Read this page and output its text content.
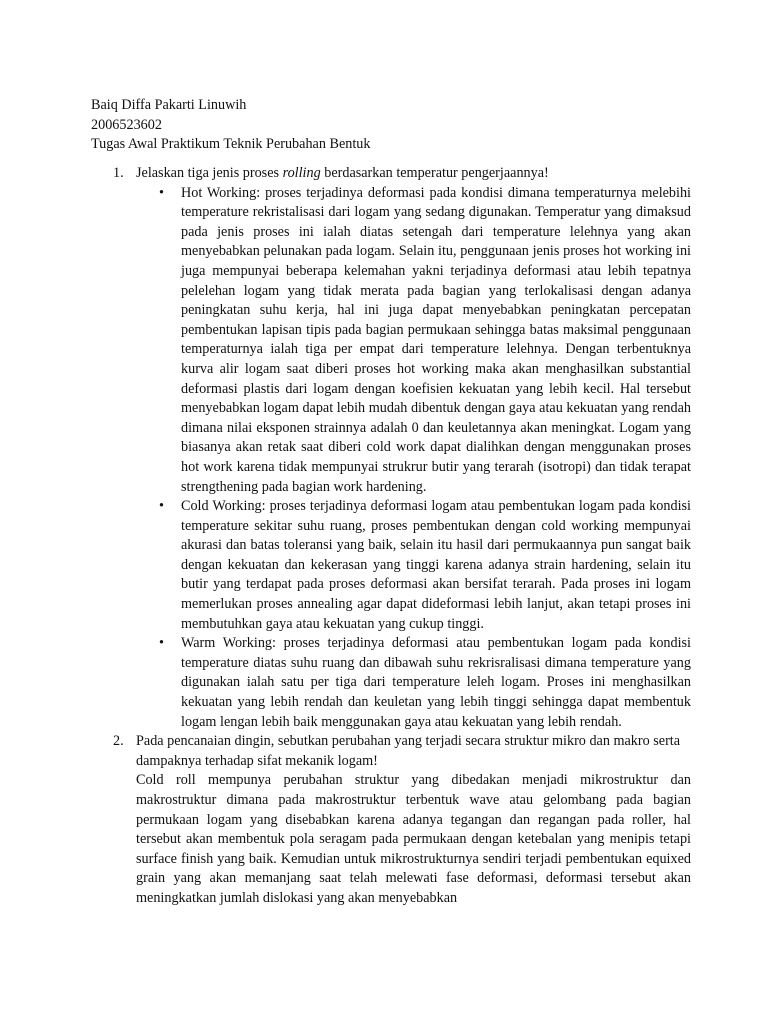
Baiq Diffa Pakarti Linuwih
2006523602
Tugas Awal Praktikum Teknik Perubahan Bentuk
1. Jelaskan tiga jenis proses rolling berdasarkan temperatur pengerjaannya!
• Hot Working: proses terjadinya deformasi pada kondisi dimana temperaturnya melebihi temperature rekristalisasi dari logam yang sedang digunakan. Temperatur yang dimaksud pada jenis proses ini ialah diatas setengah dari temperature lelehnya yang akan menyebabkan pelunakan pada logam. Selain itu, penggunaan jenis proses hot working ini juga mempunyai beberapa kelemahan yakni terjadinya deformasi atau lebih tepatnya pelelehan logam yang tidak merata pada bagian yang terlokalisasi dengan adanya peningkatan suhu kerja, hal ini juga dapat menyebabkan peningkatan percepatan pembentukan lapisan tipis pada bagian permukaan sehingga batas maksimal penggunaan temperaturnya ialah tiga per empat dari temperature lelehnya. Dengan terbentuknya kurva alir logam saat diberi proses hot working maka akan menghasilkan substantial deformasi plastis dari logam dengan koefisien kekuatan yang lebih kecil. Hal tersebut menyebabkan logam dapat lebih mudah dibentuk dengan gaya atau kekuatan yang rendah dimana nilai eksponen strainnya adalah 0 dan keuletannya akan meningkat. Logam yang biasanya akan retak saat diberi cold work dapat dialihkan dengan menggunakan proses hot work karena tidak mempunyai strukrur butir yang terarah (isotropi) dan tidak terapat strengthening pada bagian work hardening.
• Cold Working: proses terjadinya deformasi logam atau pembentukan logam pada kondisi temperature sekitar suhu ruang, proses pembentukan dengan cold working mempunyai akurasi dan batas toleransi yang baik, selain itu hasil dari permukaannya pun sangat baik dengan kekuatan dan kekerasan yang tinggi karena adanya strain hardening, selain itu butir yang terdapat pada proses deformasi akan bersifat terarah. Pada proses ini logam memerlukan proses annealing agar dapat dideformasi lebih lanjut, akan tetapi proses ini membutuhkan gaya atau kekuatan yang cukup tinggi.
• Warm Working: proses terjadinya deformasi atau pembentukan logam pada kondisi temperature diatas suhu ruang dan dibawah suhu rekrisralisasi dimana temperature yang digunakan ialah satu per tiga dari temperature leleh logam. Proses ini menghasilkan kekuatan yang lebih rendah dan keuletan yang lebih tinggi sehingga dapat membentuk logam lengan lebih baik menggunakan gaya atau kekuatan yang lebih rendah.
2. Pada pencanaian dingin, sebutkan perubahan yang terjadi secara struktur mikro dan makro serta dampaknya terhadap sifat mekanik logam!
Cold roll mempunya perubahan struktur yang dibedakan menjadi mikrostruktur dan makrostruktur dimana pada makrostruktur terbentuk wave atau gelombang pada bagian permukaan logam yang disebabkan karena adanya tegangan dan regangan pada roller, hal tersebut akan membentuk pola seragam pada permukaan dengan ketebalan yang menipis tetapi surface finish yang baik. Kemudian untuk mikrostrukturnya sendiri terjadi pembentukan equixed grain yang akan memanjang saat telah melewati fase deformasi, deformasi tersebut akan meningkatkan jumlah dislokasi yang akan menyebabkan
